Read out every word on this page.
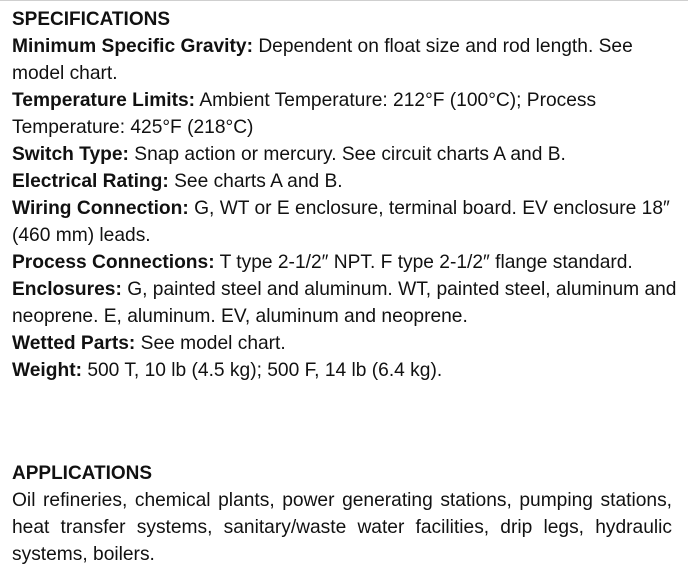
SPECIFICATIONS

Minimum Specific Gravity: Dependent on float size and rod length. See model chart.

Temperature Limits: Ambient Temperature: 212°F (100°C); Process Temperature: 425°F (218°C)

Switch Type: Snap action or mercury. See circuit charts A and B.

Electrical Rating: See charts A and B.

Wiring Connection: G, WT or E enclosure, terminal board. EV enclosure 18″ (460 mm) leads.

Process Connections: T type 2-1/2″ NPT. F type 2-1/2″ flange standard.

Enclosures: G, painted steel and aluminum. WT, painted steel, aluminum and neoprene. E, aluminum. EV, aluminum and neoprene.

Wetted Parts: See model chart.

Weight: 500 T, 10 lb (4.5 kg); 500 F, 14 lb (6.4 kg).

APPLICATIONS

Oil refineries, chemical plants, power generating stations, pumping stations, heat transfer systems, sanitary/waste water facilities, drip legs, hydraulic systems, boilers.
